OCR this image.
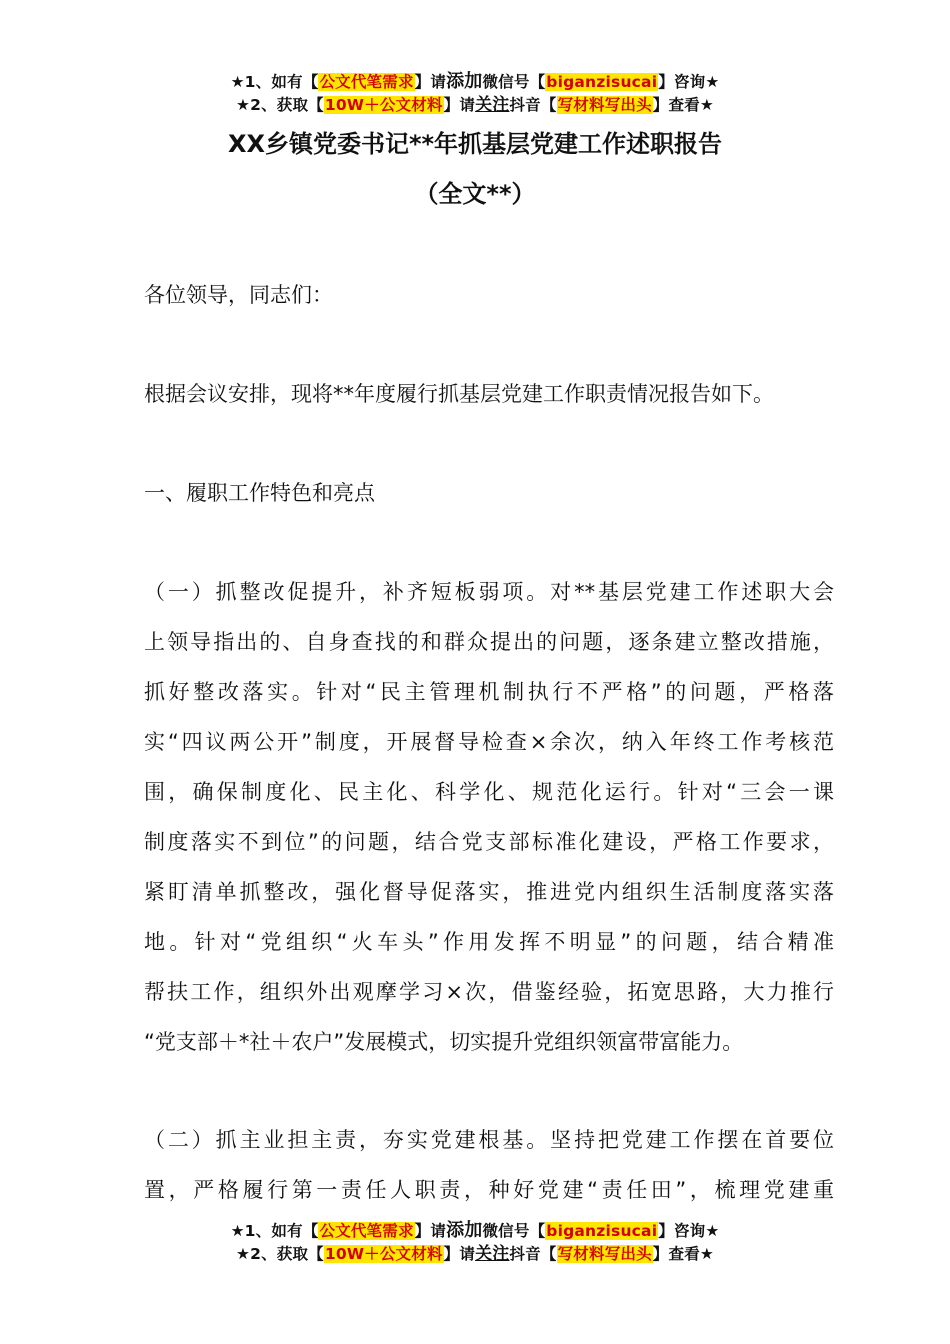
★1、如有【公文代笔需求】请添加微信号【biganzisucai】咨询★
★2、获取【10W＋公文材料】请关注抖音【写材料写出头】查看★
XX乡镇党委书记**年抓基层党建工作述职报告
（全文**）
各位领导，同志们：
根据会议安排，现将**年度履行抓基层党建工作职责情况报告如下。
一、履职工作特色和亮点
（一）抓整改促提升，补齐短板弱项。对**基层党建工作述职大会
上领导指出的、自身查找的和群众提出的问题，逐条建立整改措施，
抓好整改落实。针对“民主管理机制执行不严格”的问题，严格落
实“四议两公开”制度，开展督导检查×余次，纳入年终工作考核范
围，确保制度化、民主化、科学化、规范化运行。针对“三会一课
制度落实不到位”的问题，结合党支部标准化建设，严格工作要求，
紧盯清单抓整改，强化督导促落实，推进党内组织生活制度落实落
地。针对“党组织“火车头”作用发挥不明显”的问题，结合精准
帮扶工作，组织外出观摩学习×次，借鉴经验，拓宽思路，大力推行
“党支部＋*社＋农户”发展模式，切实提升党组织领富带富能力。
（二）抓主业担主责，夯实党建根基。坚持把党建工作摆在首要位
置，严格履行第一责任人职责，种好党建“责任田”，梳理党建重
★1、如有【公文代笔需求】请添加微信号【biganzisucai】咨询★
★2、获取【10W＋公文材料】请关注抖音【写材料写出头】查看★
